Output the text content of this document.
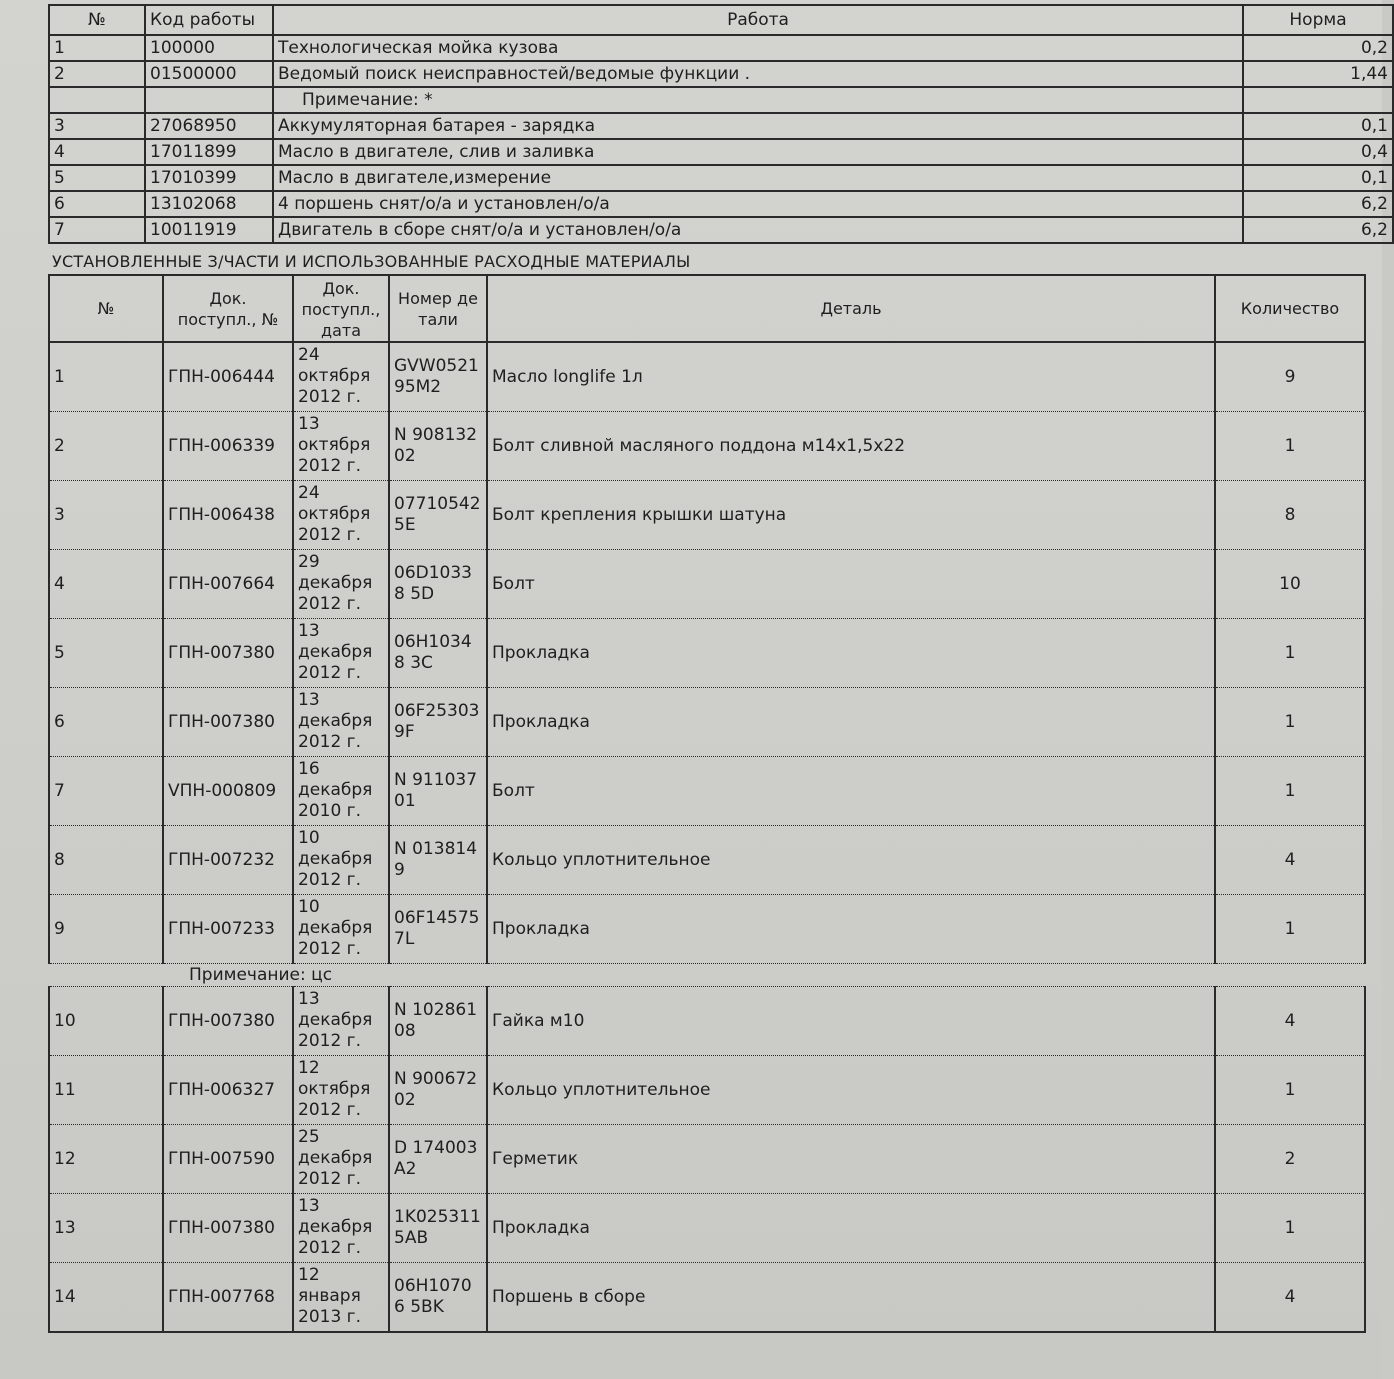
№	Код работы	Работа	Норма
1	100000	Технологическая мойка кузова	0,2
2	01500000	Ведомый поиск неисправностей/ведомые функции .	1,44
		Примечание: *	
3	27068950	Аккумуляторная батарея - зарядка	0,1
4	17011899	Масло в двигателе, слив и заливка	0,4
5	17010399	Масло в двигателе,измерение	0,1
6	13102068	4 поршень снят/о/а и установлен/о/а	6,2
7	10011919	Двигатель в сборе снят/о/а и установлен/о/а	6,2
УСТАНОВЛЕННЫЕ З/ЧАСТИ И ИСПОЛЬЗОВАННЫЕ РАСХОДНЫЕ МАТЕРИАЛЫ
№	Док. поступл., №	Док. поступл., дата	Номер детали	Деталь	Количество
1	ГПН-006444	24 октября 2012 г.	GVW0521 95M2	Масло longlife 1л	9
2	ГПН-006339	13 октября 2012 г.	N 90813202	Болт сливной масляного поддона м14х1,5х22	1
3	ГПН-006438	24 октября 2012 г.	07710542 5E	Болт крепления крышки шатуна	8
4	ГПН-007664	29 декабря 2012 г.	06D10338 5D	Болт	10
5	ГПН-007380	13 декабря 2012 г.	06H10348 3C	Прокладка	1
6	ГПН-007380	13 декабря 2012 г.	06F25303 9F	Прокладка	1
7	VПН-000809	16 декабря 2010 г.	N 91103701	Болт	1
8	ГПН-007232	10 декабря 2012 г.	N 0138149	Кольцо уплотнительное	4
9	ГПН-007233	10 декабря 2012 г.	06F14575 7L	Прокладка	1
Примечание: цс					
10	ГПН-007380	13 декабря 2012 г.	N 10286108	Гайка м10	4
11	ГПН-006327	12 октября 2012 г.	N 90067202	Кольцо уплотнительное	1
12	ГПН-007590	25 декабря 2012 г.	D 174003A2	Герметик	2
13	ГПН-007380	13 декабря 2012 г.	1K025311 5AB	Прокладка	1
14	ГПН-007768	12 января 2013 г.	06H10706 5BK	Поршень в сборе	4
